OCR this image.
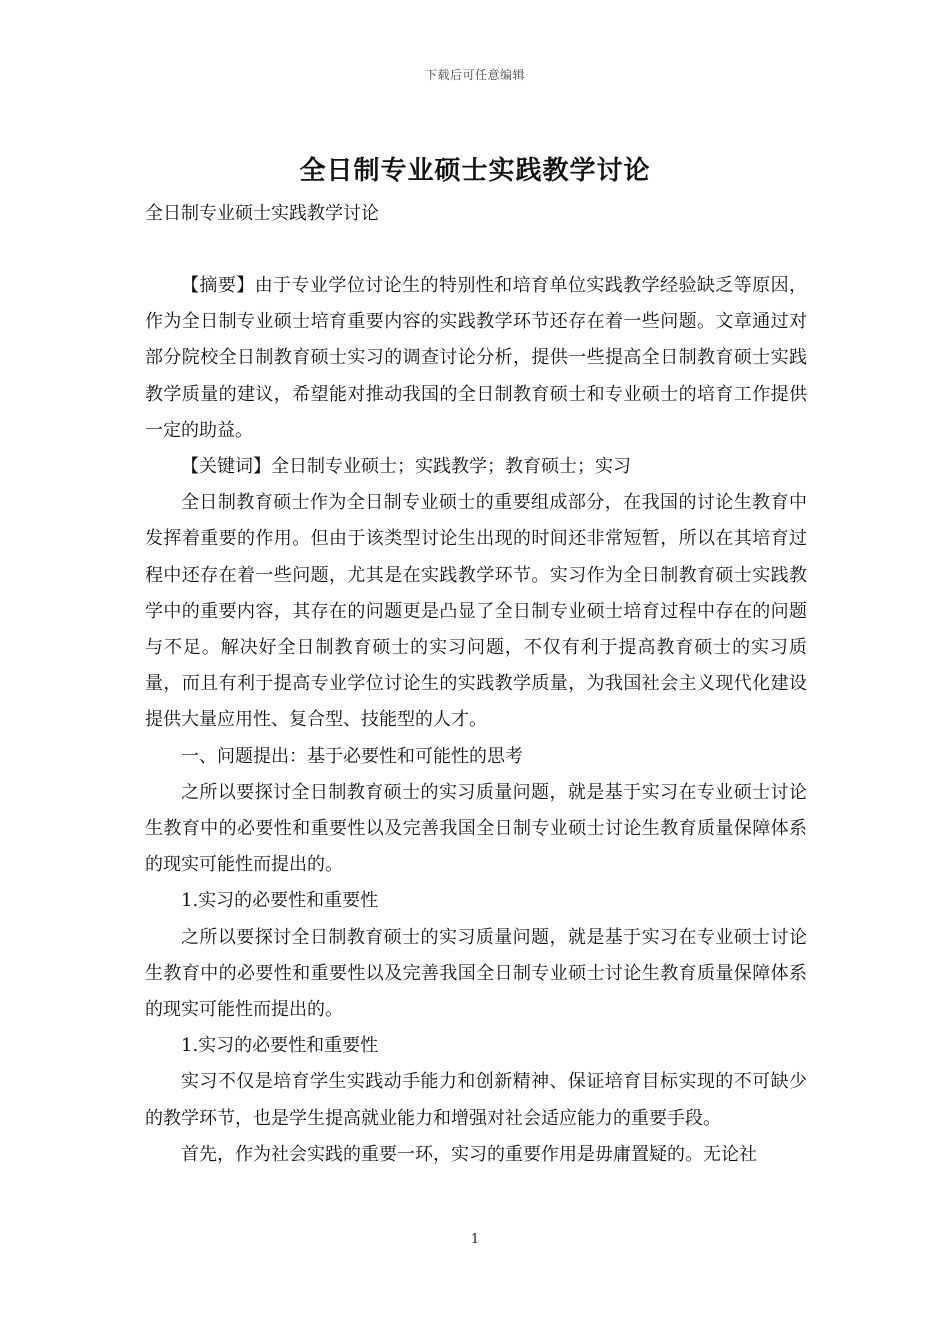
下载后可任意编辑
全日制专业硕士实践教学讨论
全日制专业硕士实践教学讨论

【摘要】由于专业学位讨论生的特别性和培育单位实践教学经验缺乏等原因，作为全日制专业硕士培育重要内容的实践教学环节还存在着一些问题。文章通过对部分院校全日制教育硕士实习的调查讨论分析，提供一些提高全日制教育硕士实践教学质量的建议，希望能对推动我国的全日制教育硕士和专业硕士的培育工作提供一定的助益。

【关键词】全日制专业硕士；实践教学；教育硕士；实习

全日制教育硕士作为全日制专业硕士的重要组成部分，在我国的讨论生教育中发挥着重要的作用。但由于该类型讨论生出现的时间还非常短暂，所以在其培育过程中还存在着一些问题，尤其是在实践教学环节。实习作为全日制教育硕士实践教学中的重要内容，其存在的问题更是凸显了全日制专业硕士培育过程中存在的问题与不足。解决好全日制教育硕士的实习问题，不仅有利于提高教育硕士的实习质量，而且有利于提高专业学位讨论生的实践教学质量，为我国社会主义现代化建设提供大量应用性、复合型、技能型的人才。

一、问题提出：基于必要性和可能性的思考

之所以要探讨全日制教育硕士的实习质量问题，就是基于实习在专业硕士讨论生教育中的必要性和重要性以及完善我国全日制专业硕士讨论生教育质量保障体系的现实可能性而提出的。

1.实习的必要性和重要性

之所以要探讨全日制教育硕士的实习质量问题，就是基于实习在专业硕士讨论生教育中的必要性和重要性以及完善我国全日制专业硕士讨论生教育质量保障体系的现实可能性而提出的。

1.实习的必要性和重要性

实习不仅是培育学生实践动手能力和创新精神、保证培育目标实现的不可缺少的教学环节，也是学生提高就业能力和增强对社会适应能力的重要手段。

首先，作为社会实践的重要一环，实习的重要作用是毋庸置疑的。无论社

1
